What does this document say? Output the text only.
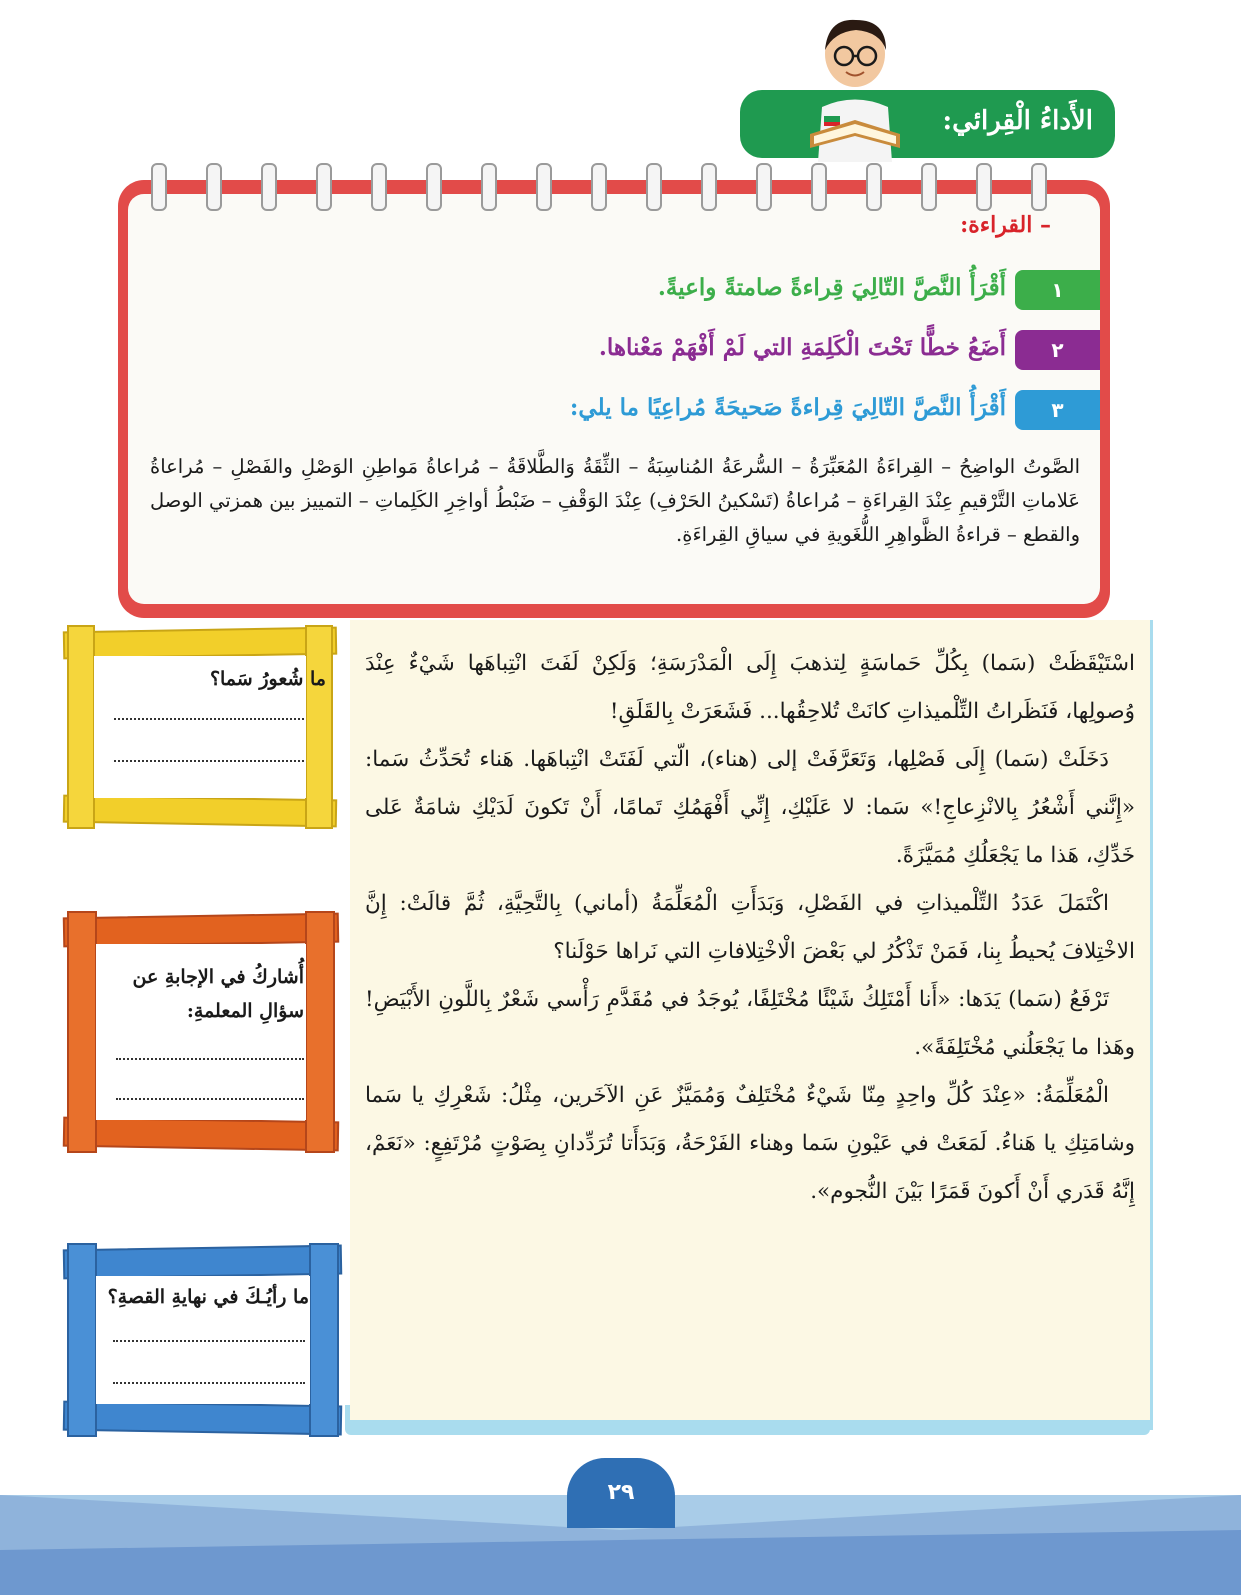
الأَداءُ الْقِرائي:
– القراءة:
١
أَقْرَأُ النَّصَّ التّالِيَ قِراءةً صامتةً واعيةً.
٢
أَضَعُ خطًّا تَحْتَ الْكَلِمَةِ التي لَمْ أَفْهَمْ مَعْناها.
٣
أَقْرَأُ النَّصَّ التّالِيَ قِراءةً صَحيحَةً مُراعِيًا ما يلي:
الصَّوتُ الواضِحُ – القِراءَةُ المُعَبِّرَةُ – السُّرعَةُ المُناسِبَةُ – الثِّقَةُ وَالطَّلاقَةُ – مُراعاةُ مَواطِنِ الوَصْلِ والفَصْلِ – مُراعاةُ عَلاماتِ التَّرْقيمِ عِنْدَ القِراءَةِ – مُراعاةُ (تَسْكينُ الحَرْفِ) عِنْدَ الوَقْفِ – ضَبْطُ أواخِرِ الكَلِماتِ – التمييز بين همزتي الوصل والقطع – قراءةُ الظَّواهِرِ اللُّغَويةِ في سياقِ القِراءَةِ.

اسْتَيْقَظَتْ (سَما) بِكُلِّ حَماسَةٍ لِتذهبَ إِلَى الْمَدْرَسَةِ؛ وَلَكِنْ لَفَتَ انْتِباهَها شَيْءٌ عِنْدَ وُصولِها، فَنَظَراتُ التِّلْميذاتِ كانَتْ تُلاحِقُها... فَشَعَرَتْ بِالقَلَقِ!

دَخَلَتْ (سَما) إِلَى فَصْلِها، وَتَعَرَّفَتْ إلى (هناء)، الّتي لَفَتَتْ انْتِباهَها. هَناء تُحَدِّثُ سَما: «إِنَّني أَشْعُرُ بِالانْزِعاجِ!» سَما: لا عَلَيْكِ، إِنِّي أَفْهَمُكِ تَمامًا، أَنْ تَكونَ لَدَيْكِ شامَةٌ عَلى خَدِّكِ، هَذا ما يَجْعَلُكِ مُمَيَّزَةً.

اكْتَمَلَ عَدَدُ التِّلْميذاتِ في الفَصْلِ، وَبَدَأَتِ الْمُعَلِّمَةُ (أماني) بِالتَّحِيَّةِ، ثُمَّ قالَتْ: إِنَّ الاخْتِلافَ يُحيطُ بِنا، فَمَنْ تَذْكُرُ لي بَعْضَ الْاخْتِلافاتِ التي نَراها حَوْلَنا؟

تَرْفَعُ (سَما) يَدَها: «أَنا أَمْتَلِكُ شَيْئًا مُخْتَلِفًا، يُوجَدُ في مُقَدَّمِ رَأْسي شَعْرٌ بِاللَّونِ الأَبْيَضِ! وهَذا ما يَجْعَلُني مُخْتَلِفَةً».

الْمُعَلِّمَةُ: «عِنْدَ كُلِّ واحِدٍ مِنّا شَيْءٌ مُخْتَلِفٌ وَمُمَيَّزٌ عَنِ الآخَرين، مِثْلُ: شَعْرِكِ يا سَما وشامَتِكِ يا هَناءُ. لَمَعَتْ في عَيْونِ سَما وهناء الفَرْحَةُ، وَبَدَأَتا تُرَدِّدانِ بِصَوْتٍ مُرْتَفِعٍ: «نَعَمْ، إِنَّهُ قَدَري أَنْ أَكونَ قَمَرًا بَيْنَ النُّجوم».

ما شُعورُ سَما؟
أُشاركُ في الإجابةِ عن سؤالِ المعلمةِ:
ما رأيُـكَ في نهايةِ القصةِ؟
٢٩
